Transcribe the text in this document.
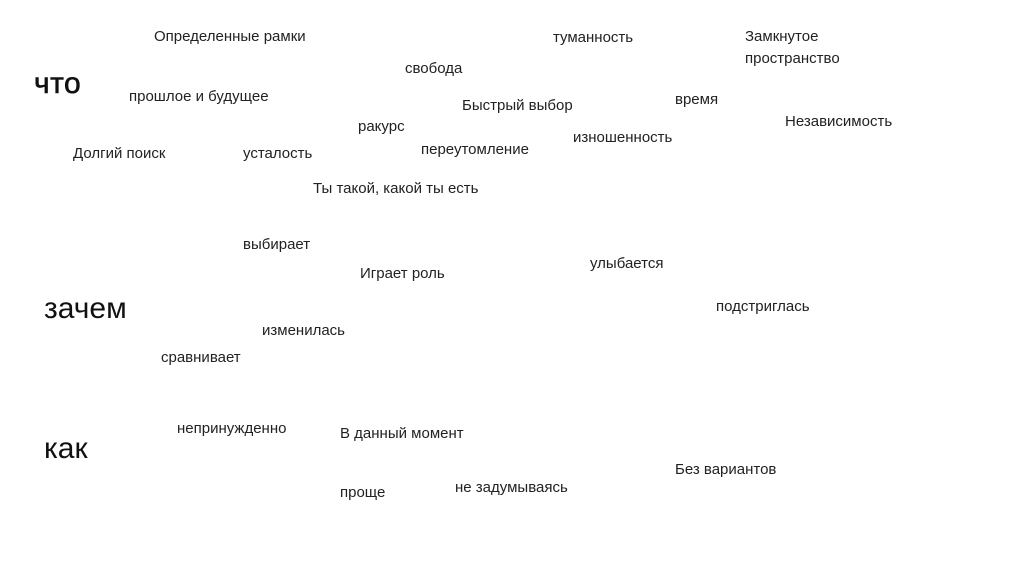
что
зачем
как
Определенные рамки	туманность	Замкнутое
пространство
свобода
прошлое и будущее
Быстрый выбор	время
Независимость
ракурс
изношенность
переутомление
Долгий поиск	усталость
Ты такой, какой ты есть
выбирает
улыбается
Играет роль
подстриглась
изменилась
сравнивает
непринужденно	В данный момент
Без вариантов
не задумываясь
проще
